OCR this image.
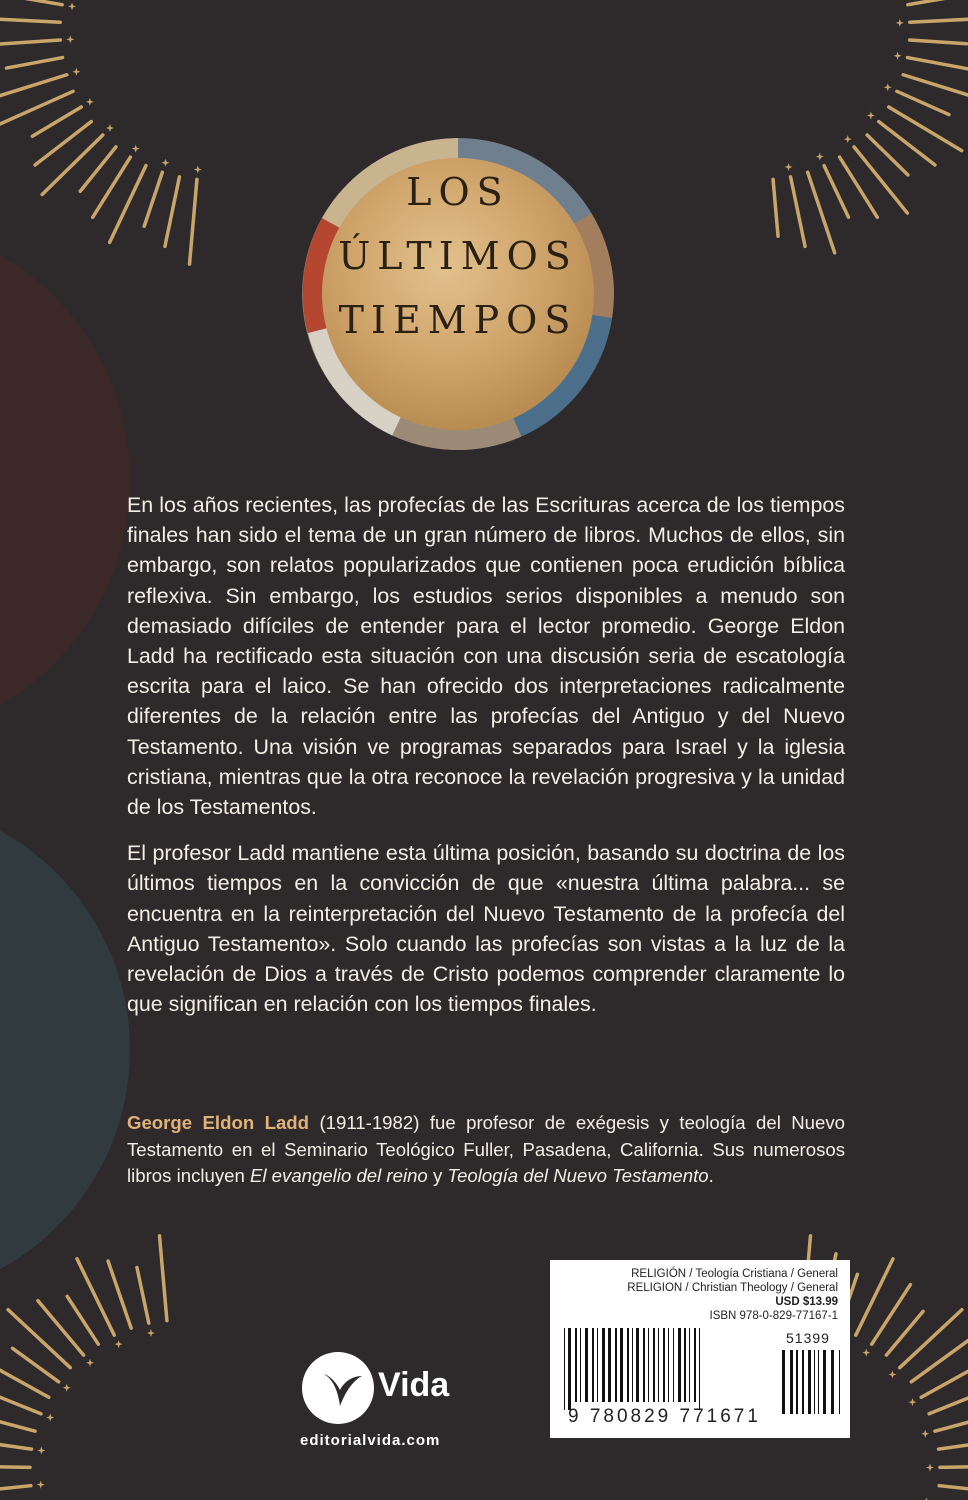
LOS
ÚLTIMOS
TIEMPOS

En los años recientes, las profecías de las Escrituras acerca de los tiempos finales han sido el tema de un gran número de libros. Muchos de ellos, sin embargo, son relatos popularizados que contienen poca erudición bíblica reflexiva. Sin embargo, los estudios serios disponibles a menudo son demasiado difíciles de entender para el lector promedio. George Eldon Ladd ha rectificado esta situación con una discusión seria de escatología escrita para el laico. Se han ofrecido dos interpretaciones radicalmente diferentes de la relación entre las profecías del Antiguo y del Nuevo Testamento. Una visión ve programas separados para Israel y la iglesia cristiana, mientras que la otra reconoce la revelación progresiva y la unidad de los Testamentos.

El profesor Ladd mantiene esta última posición, basando su doctrina de los últimos tiempos en la convicción de que «nuestra última palabra... se encuentra en la reinterpretación del Nuevo Testamento de la profecía del Antiguo Testamento». Solo cuando las profecías son vistas a la luz de la revelación de Dios a través de Cristo podemos comprender claramente lo que significan en relación con los tiempos finales.

George Eldon Ladd (1911-1982) fue profesor de exégesis y teología del Nuevo Testamento en el Seminario Teológico Fuller, Pasadena, California. Sus numerosos libros incluyen El evangelio del reino y Teología del Nuevo Testamento.
Vida
editorialvida.com
RELIGIÓN / Teología Cristiana / General
RELIGION / Christian Theology / General
USD $13.99
ISBN 978-0-829-77167-1
51399
9 780829 771671
